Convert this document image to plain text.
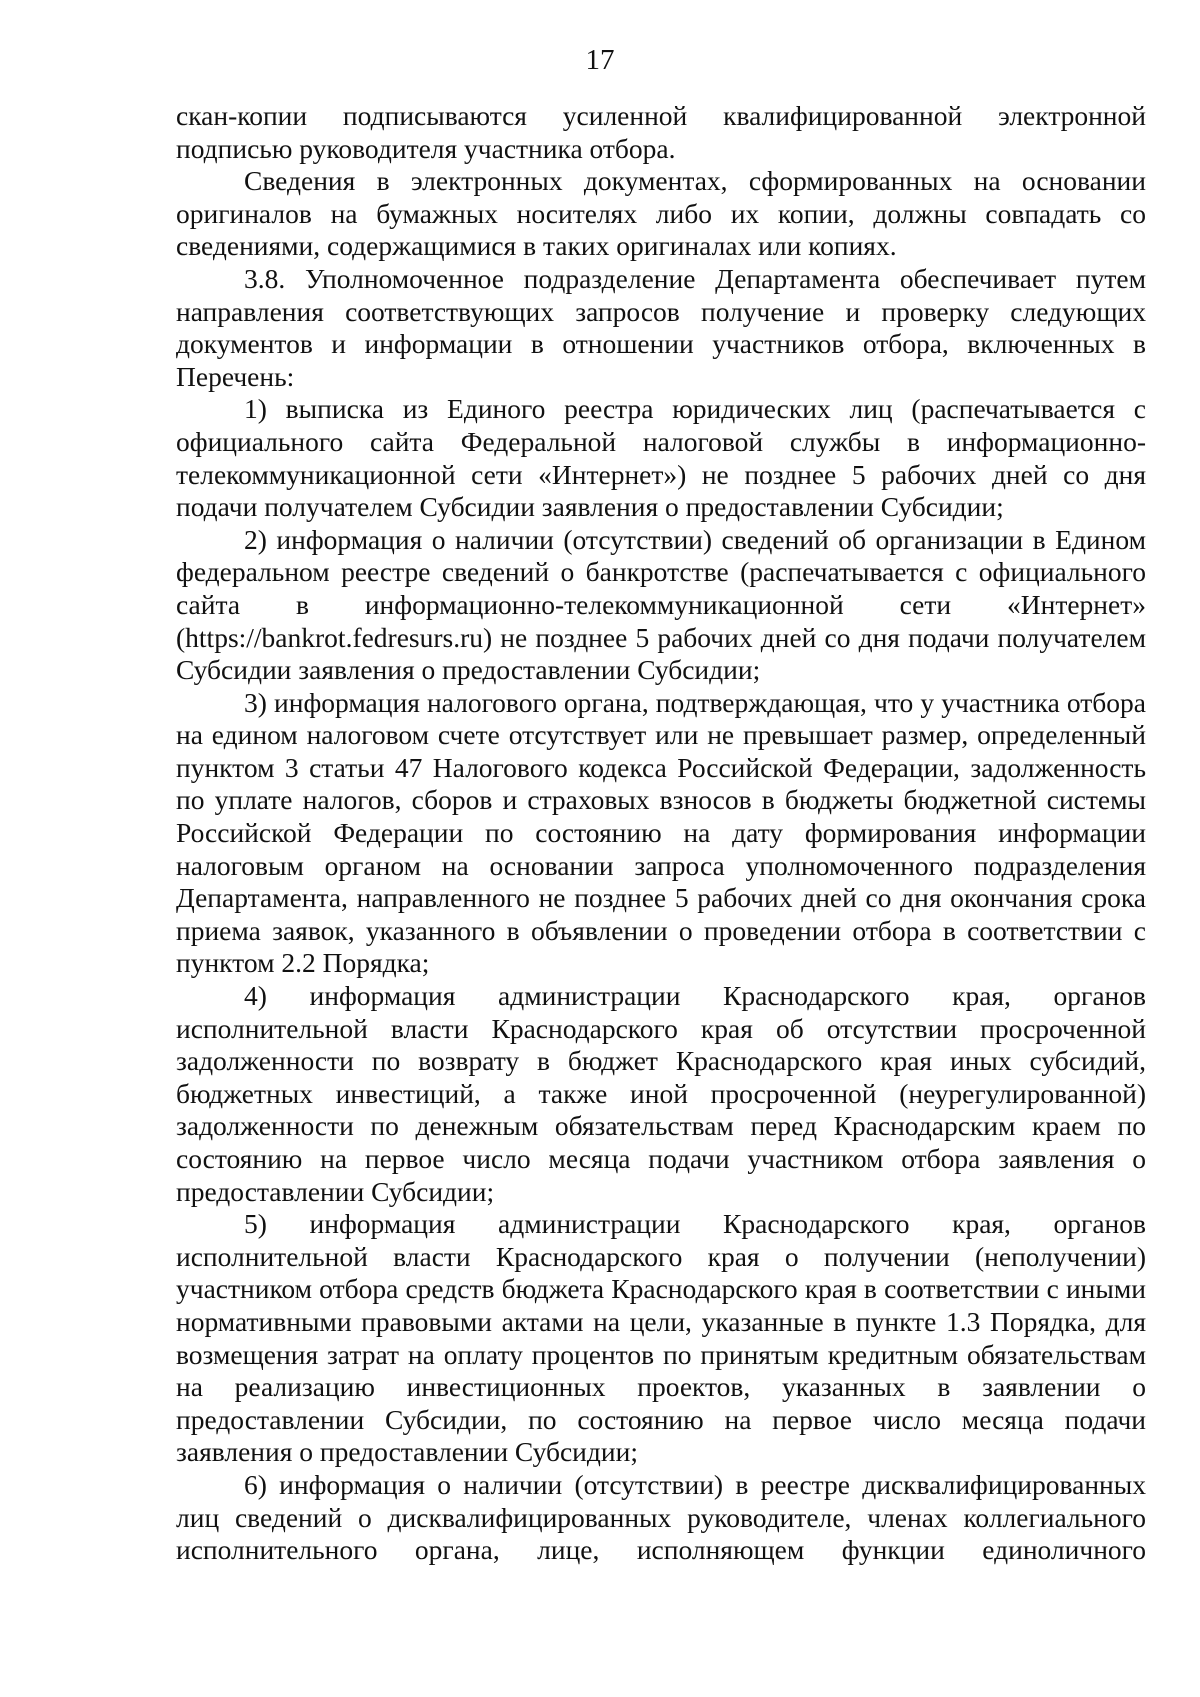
17

скан-копии подписываются усиленной квалифицированной электронной подписью руководителя участника отбора.

Сведения в электронных документах, сформированных на основании оригиналов на бумажных носителях либо их копии, должны совпадать со сведениями, содержащимися в таких оригиналах или копиях.

3.8. Уполномоченное подразделение Департамента обеспечивает путем направления соответствующих запросов получение и проверку следующих документов и информации в отношении участников отбора, включенных в Перечень:

1) выписка из Единого реестра юридических лиц (распечатывается с официального сайта Федеральной налоговой службы в информационно-телекоммуникационной сети «Интернет») не позднее 5 рабочих дней со дня подачи получателем Субсидии заявления о предоставлении Субсидии;

2) информация о наличии (отсутствии) сведений об организации в Едином федеральном реестре сведений о банкротстве (распечатывается с официального сайта в информационно-телекоммуникационной сети «Интернет» (https://bankrot.fedresurs.ru) не позднее 5 рабочих дней со дня подачи получателем Субсидии заявления о предоставлении Субсидии;

3) информация налогового органа, подтверждающая, что у участника отбора на едином налоговом счете отсутствует или не превышает размер, определенный пунктом 3 статьи 47 Налогового кодекса Российской Федерации, задолженность по уплате налогов, сборов и страховых взносов в бюджеты бюджетной системы Российской Федерации по состоянию на дату формирования информации налоговым органом на основании запроса уполномоченного подразделения Департамента, направленного не позднее 5 рабочих дней со дня окончания срока приема заявок, указанного в объявлении о проведении отбора в соответствии с пунктом 2.2 Порядка;

4) информация администрации Краснодарского края, органов исполнительной власти Краснодарского края об отсутствии просроченной задолженности по возврату в бюджет Краснодарского края иных субсидий, бюджетных инвестиций, а также иной просроченной (неурегулированной) задолженности по денежным обязательствам перед Краснодарским краем по состоянию на первое число месяца подачи участником отбора заявления о предоставлении Субсидии;

5) информация администрации Краснодарского края, органов исполнительной власти Краснодарского края о получении (неполучении) участником отбора средств бюджета Краснодарского края в соответствии с иными нормативными правовыми актами на цели, указанные в пункте 1.3 Порядка, для возмещения затрат на оплату процентов по принятым кредитным обязательствам на реализацию инвестиционных проектов, указанных в заявлении о предоставлении Субсидии, по состоянию на первое число месяца подачи заявления о предоставлении Субсидии;

6) информация о наличии (отсутствии) в реестре дисквалифицированных лиц сведений о дисквалифицированных руководителе, членах коллегиального исполнительного органа, лице, исполняющем функции единоличного
